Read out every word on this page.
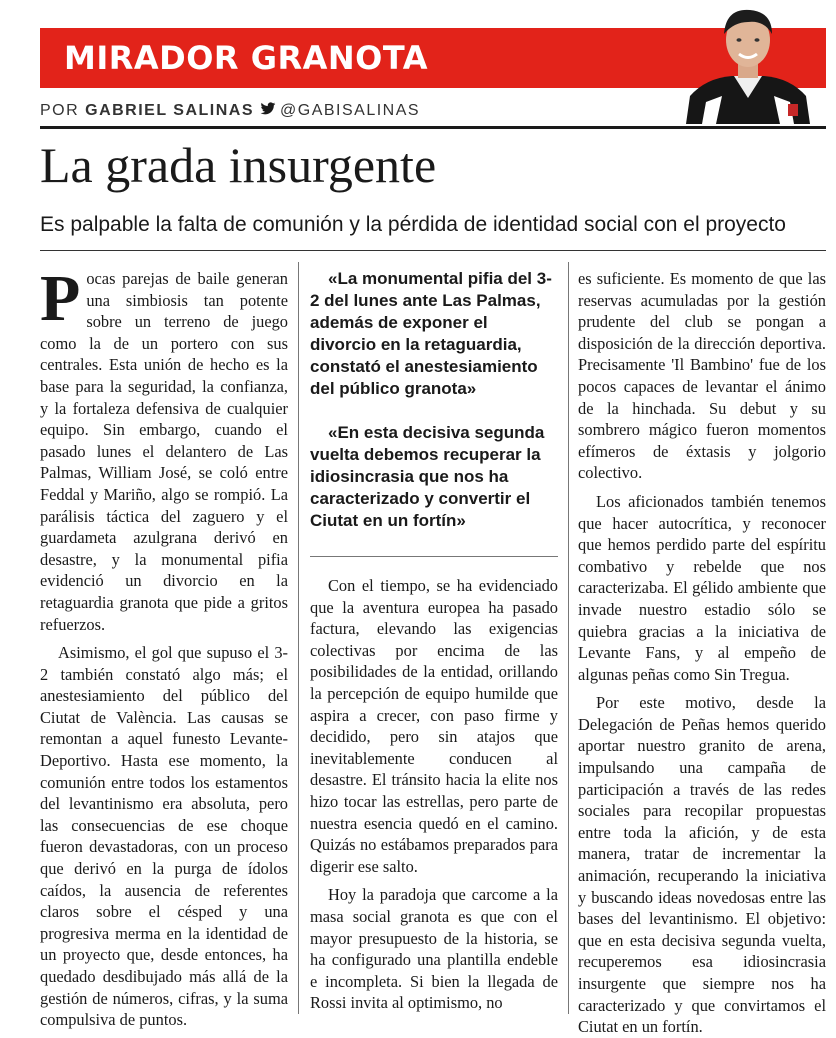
MIRADOR GRANOTA
POR GABRIEL SALINAS @GABISALINAS
La grada insurgente
Es palpable la falta de comunión y la pérdida de identidad social con el proyecto

Pocas parejas de baile generan una simbiosis tan potente sobre un terreno de juego como la de un portero con sus centrales. Esta unión de hecho es la base para la seguridad, la confianza, y la fortaleza defensiva de cualquier equipo. Sin embargo, cuando el pasado lunes el delantero de Las Palmas, William José, se coló entre Feddal y Mariño, algo se rompió. La parálisis táctica del zaguero y el guardameta azulgrana derivó en desastre, y la monumental pifia evidenció un divorcio en la retaguardia granota que pide a gritos refuerzos.

Asimismo, el gol que supuso el 3-2 también constató algo más; el anestesiamiento del público del Ciutat de València. Las causas se remontan a aquel funesto Levante-Deportivo. Hasta ese momento, la comunión entre todos los estamentos del levantinismo era absoluta, pero las consecuencias de ese choque fueron devastadoras, con un proceso que derivó en la purga de ídolos caídos, la ausencia de referentes claros sobre el césped y una progresiva merma en la identidad de un proyecto que, desde entonces, ha quedado desdibujado más allá de la gestión de números, cifras, y la suma compulsiva de puntos.

«La monumental pifia del 3-2 del lunes ante Las Palmas, además de exponer el divorcio en la retaguardia, constató el anestesiamiento del público granota»

«En esta decisiva segunda vuelta debemos recuperar la idiosincrasia que nos ha caracterizado y convertir el Ciutat en un fortín»

Con el tiempo, se ha evidenciado que la aventura europea ha pasado factura, elevando las exigencias colectivas por encima de las posibilidades de la entidad, orillando la percepción de equipo humilde que aspira a crecer, con paso firme y decidido, pero sin atajos que inevitablemente conducen al desastre. El tránsito hacia la elite nos hizo tocar las estrellas, pero parte de nuestra esencia quedó en el camino. Quizás no estábamos preparados para digerir ese salto.

Hoy la paradoja que carcome a la masa social granota es que con el mayor presupuesto de la historia, se ha configurado una plantilla endeble e incompleta. Si bien la llegada de Rossi invita al optimismo, no

es suficiente. Es momento de que las reservas acumuladas por la gestión prudente del club se pongan a disposición de la dirección deportiva. Precisamente 'Il Bambino' fue de los pocos capaces de levantar el ánimo de la hinchada. Su debut y su sombrero mágico fueron momentos efímeros de éxtasis y jolgorio colectivo.

Los aficionados también tenemos que hacer autocrítica, y reconocer que hemos perdido parte del espíritu combativo y rebelde que nos caracterizaba. El gélido ambiente que invade nuestro estadio sólo se quiebra gracias a la iniciativa de Levante Fans, y al empeño de algunas peñas como Sin Tregua.

Por este motivo, desde la Delegación de Peñas hemos querido aportar nuestro granito de arena, impulsando una campaña de participación a través de las redes sociales para recopilar propuestas entre toda la afición, y de esta manera, tratar de incrementar la animación, recuperando la iniciativa y buscando ideas novedosas entre las bases del levantinismo. El objetivo: que en esta decisiva segunda vuelta, recuperemos esa idiosincrasia insurgente que siempre nos ha caracterizado y que convirtamos el Ciutat en un fortín.
